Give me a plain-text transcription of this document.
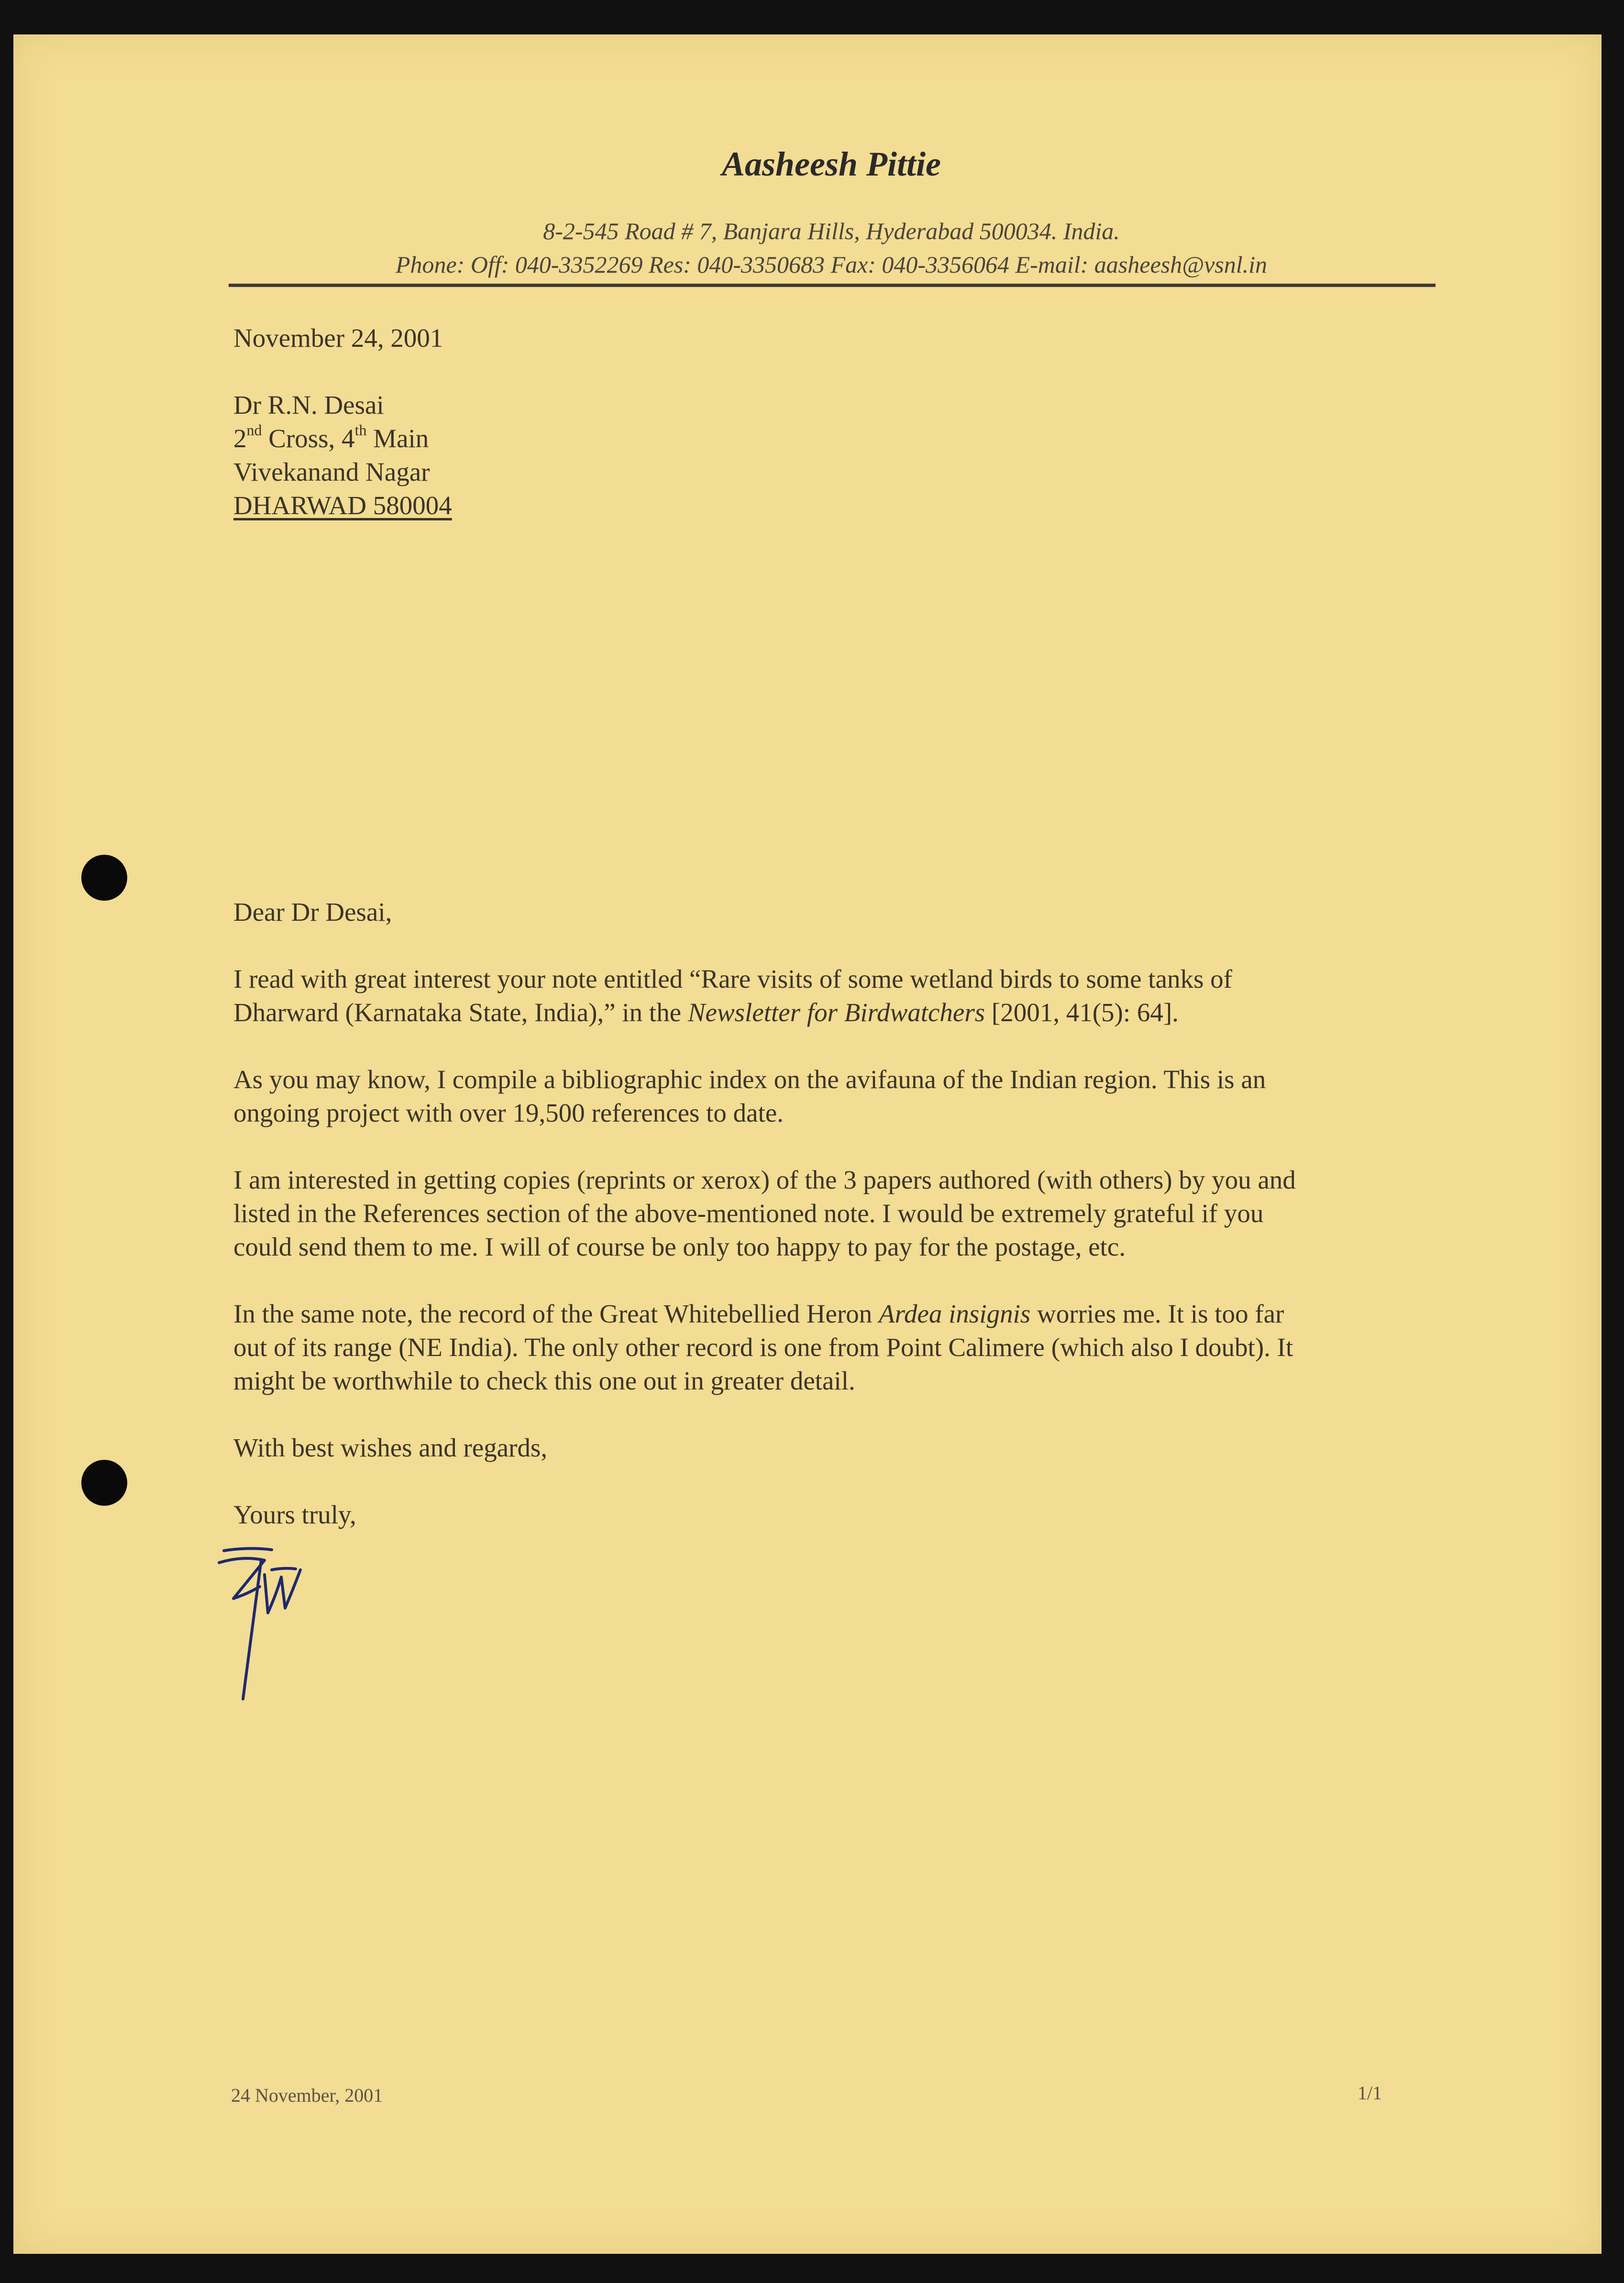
Aasheesh Pittie
8-2-545 Road # 7, Banjara Hills, Hyderabad 500034. India.
Phone: Off: 040-3352269 Res: 040-3350683 Fax: 040-3356064 E-mail: aasheesh@vsnl.in
November 24, 2001
Dr R.N. Desai
2nd Cross, 4th Main
Vivekanand Nagar
DHARWAD 580004
Dear Dr Desai,
I read with great interest your note entitled “Rare visits of some wetland birds to some tanks of
Dharward (Karnataka State, India),” in the Newsletter for Birdwatchers [2001, 41(5): 64].
As you may know, I compile a bibliographic index on the avifauna of the Indian region. This is an
ongoing project with over 19,500 references to date.
I am interested in getting copies (reprints or xerox) of the 3 papers authored (with others) by you and
listed in the References section of the above-mentioned note. I would be extremely grateful if you
could send them to me. I will of course be only too happy to pay for the postage, etc.
In the same note, the record of the Great Whitebellied Heron Ardea insignis worries me. It is too far
out of its range (NE India). The only other record is one from Point Calimere (which also I doubt). It
might be worthwhile to check this one out in greater detail.
With best wishes and regards,
Yours truly,
24 November, 2001	1/1
